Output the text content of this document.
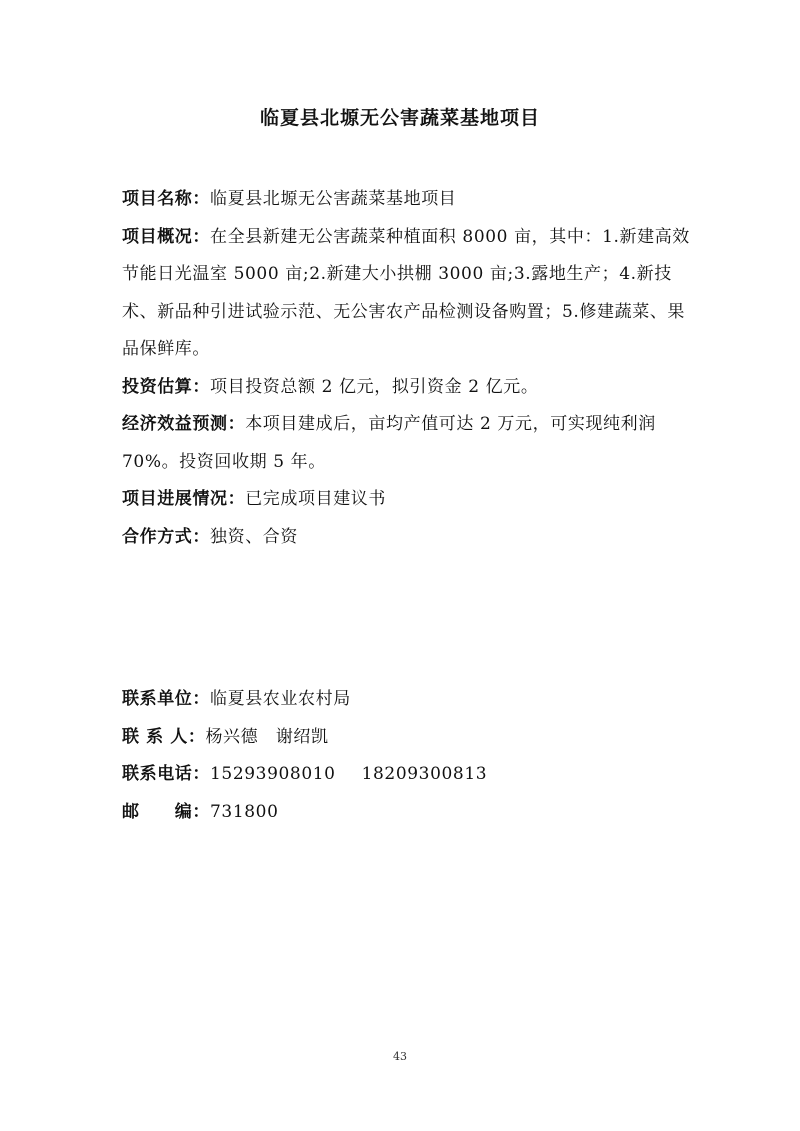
临夏县北塬无公害蔬菜基地项目

项目名称：临夏县北塬无公害蔬菜基地项目

项目概况：在全县新建无公害蔬菜种植面积 8000 亩，其中：1.新建高效节能日光温室 5000 亩;2.新建大小拱棚 3000 亩;3.露地生产；4.新技术、新品种引进试验示范、无公害农产品检测设备购置；5.修建蔬菜、果品保鲜库。

投资估算：项目投资总额 2 亿元，拟引资金 2 亿元。

经济效益预测：本项目建成后，亩均产值可达 2 万元，可实现纯利润 70%。投资回收期 5 年。

项目进展情况：已完成项目建议书

合作方式：独资、合资

联系单位：临夏县农业农村局

联 系 人：杨兴德　谢绍凯

联系电话：15293908010 18209300813

邮　　编：731800

43
